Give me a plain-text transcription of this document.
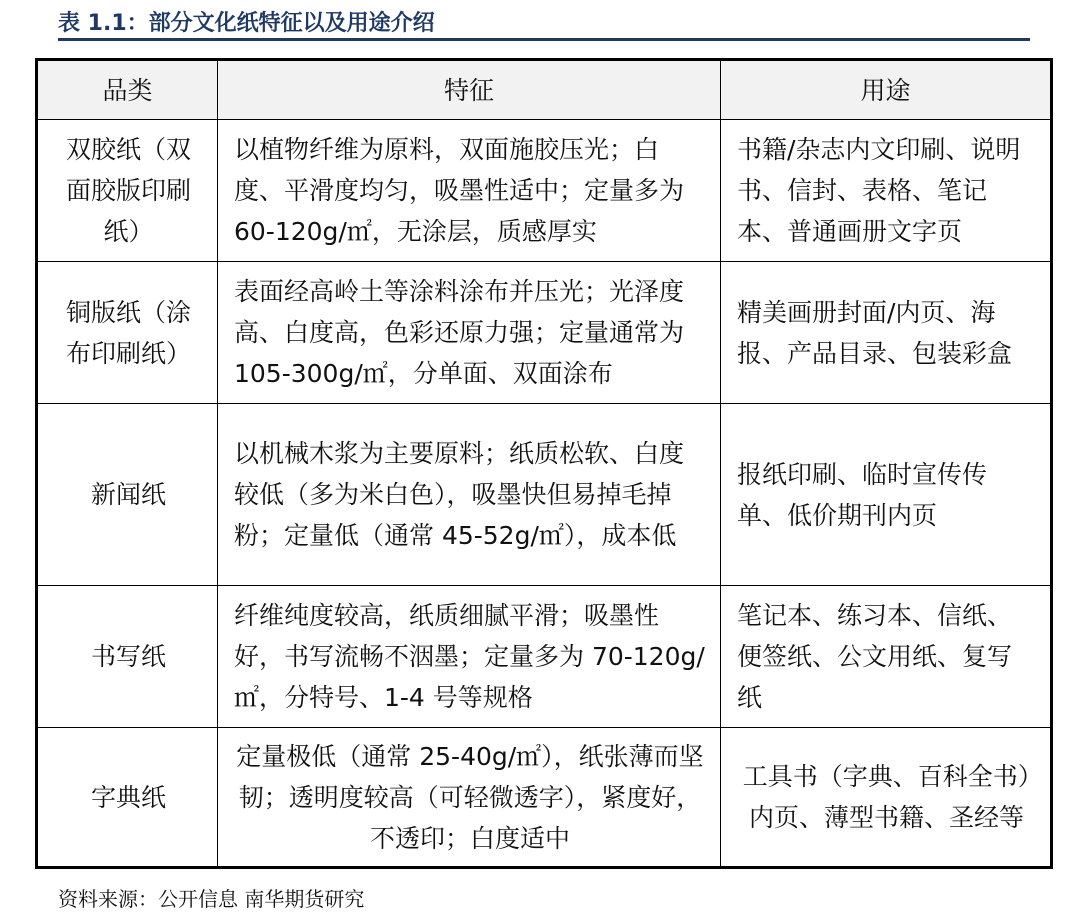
表 1.1：部分文化纸特征以及用途介绍
品类	特征	用途
双胶纸（双面胶版印刷纸）	以植物纤维为原料，双面施胶压光；白度、平滑度均匀，吸墨性适中；定量多为 60-120g/㎡，无涂层，质感厚实	书籍/杂志内文印刷、说明书、信封、表格、笔记本、普通画册文字页
铜版纸（涂布印刷纸）	表面经高岭土等涂料涂布并压光；光泽度高、白度高，色彩还原力强；定量通常为 105-300g/㎡，分单面、双面涂布	精美画册封面/内页、海报、产品目录、包装彩盒
新闻纸	以机械木浆为主要原料；纸质松软、白度较低（多为米白色），吸墨快但易掉毛掉粉；定量低（通常 45-52g/㎡），成本低	报纸印刷、临时宣传传单、低价期刊内页
书写纸	纤维纯度较高，纸质细腻平滑；吸墨性好，书写流畅不洇墨；定量多为 70-120g/㎡，分特号、1-4 号等规格	笔记本、练习本、信纸、便签纸、公文用纸、复写纸
字典纸	定量极低（通常 25-40g/㎡），纸张薄而坚韧；透明度较高（可轻微透字），紧度好，不透印；白度适中	工具书（字典、百科全书）内页、薄型书籍、圣经等
资料来源：公开信息 南华期货研究
